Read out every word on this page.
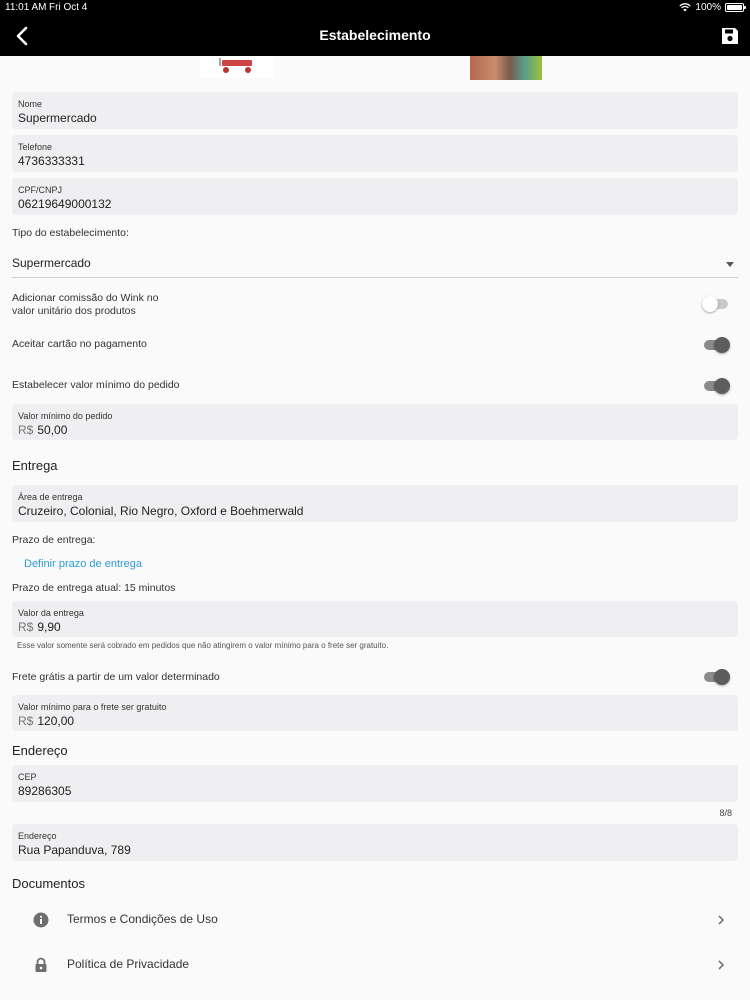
11:01 AM Fri Oct 4	100%
Estabelecimento
Nome
Supermercado
Telefone
4736333331
CPF/CNPJ
06219649000132
Tipo do estabelecimento:
Supermercado
Adicionar comissão do Wink no
valor unitário dos produtos
Aceitar cartão no pagamento
Estabelecer valor mínimo do pedido
Valor mínimo do pedido
R$ 50,00
Entrega
Área de entrega
Cruzeiro, Colonial, Rio Negro, Oxford e Boehmerwald
Prazo de entrega:
Definir prazo de entrega
Prazo de entrega atual: 15 minutos
Valor da entrega
R$ 9,90
Esse valor somente será cobrado em pedidos que não atingirem o valor mínimo para o frete ser gratuito.
Frete grátis a partir de um valor determinado
Valor mínimo para o frete ser gratuito
R$ 120,00
Endereço
CEP
89286305
8/8
Endereço
Rua Papanduva, 789
Documentos
Termos e Condições de Uso
Política de Privacidade
